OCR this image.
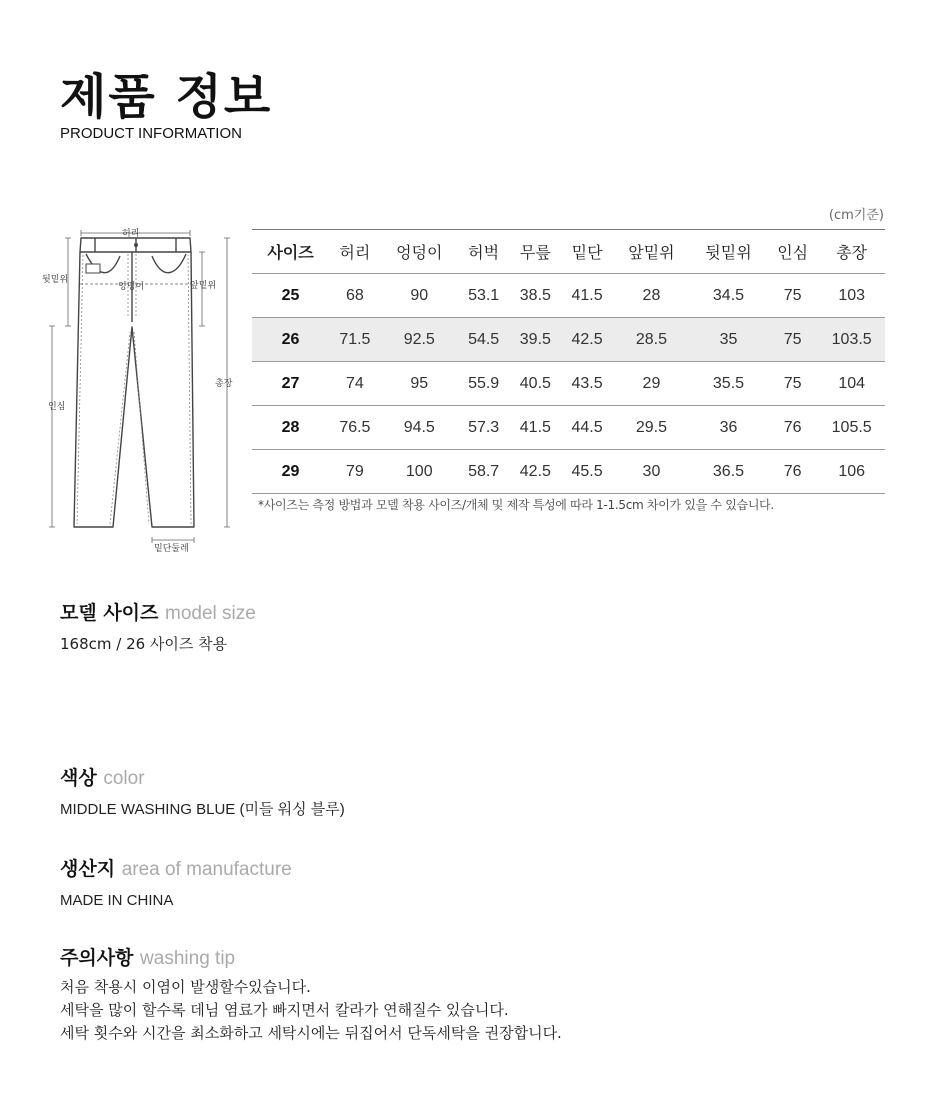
제품 정보
PRODUCT INFORMATION
허리
뒷밑위
엉덩이	앞밑위
총장
인심
밑단둘레
(cm기준)
사이즈	허리	엉덩이	허벅	무릎	밑단	앞밑위	뒷밑위	인심	총장
25	68	90	53.1	38.5	41.5	28	34.5	75	103
26	71.5	92.5	54.5	39.5	42.5	28.5	35	75	103.5
27	74	95	55.9	40.5	43.5	29	35.5	75	104
28	76.5	94.5	57.3	41.5	44.5	29.5	36	76	105.5
29	79	100	58.7	42.5	45.5	30	36.5	76	106
*사이즈는 측정 방법과 모델 착용 사이즈/개체 및 제작 특성에 따라 1-1.5cm 차이가 있을 수 있습니다.
모델 사이즈 model size
168cm / 26 사이즈 착용
색상 color
MIDDLE WASHING BLUE (미들 워싱 블루)
생산지 area of manufacture
MADE IN CHINA
주의사항 washing tip
처음 착용시 이염이 발생할수있습니다.
세탁을 많이 할수록 데님 염료가 빠지면서 칼라가 연해질수 있습니다.
세탁 횟수와 시간을 최소화하고 세탁시에는 뒤집어서 단독세탁을 권장합니다.
